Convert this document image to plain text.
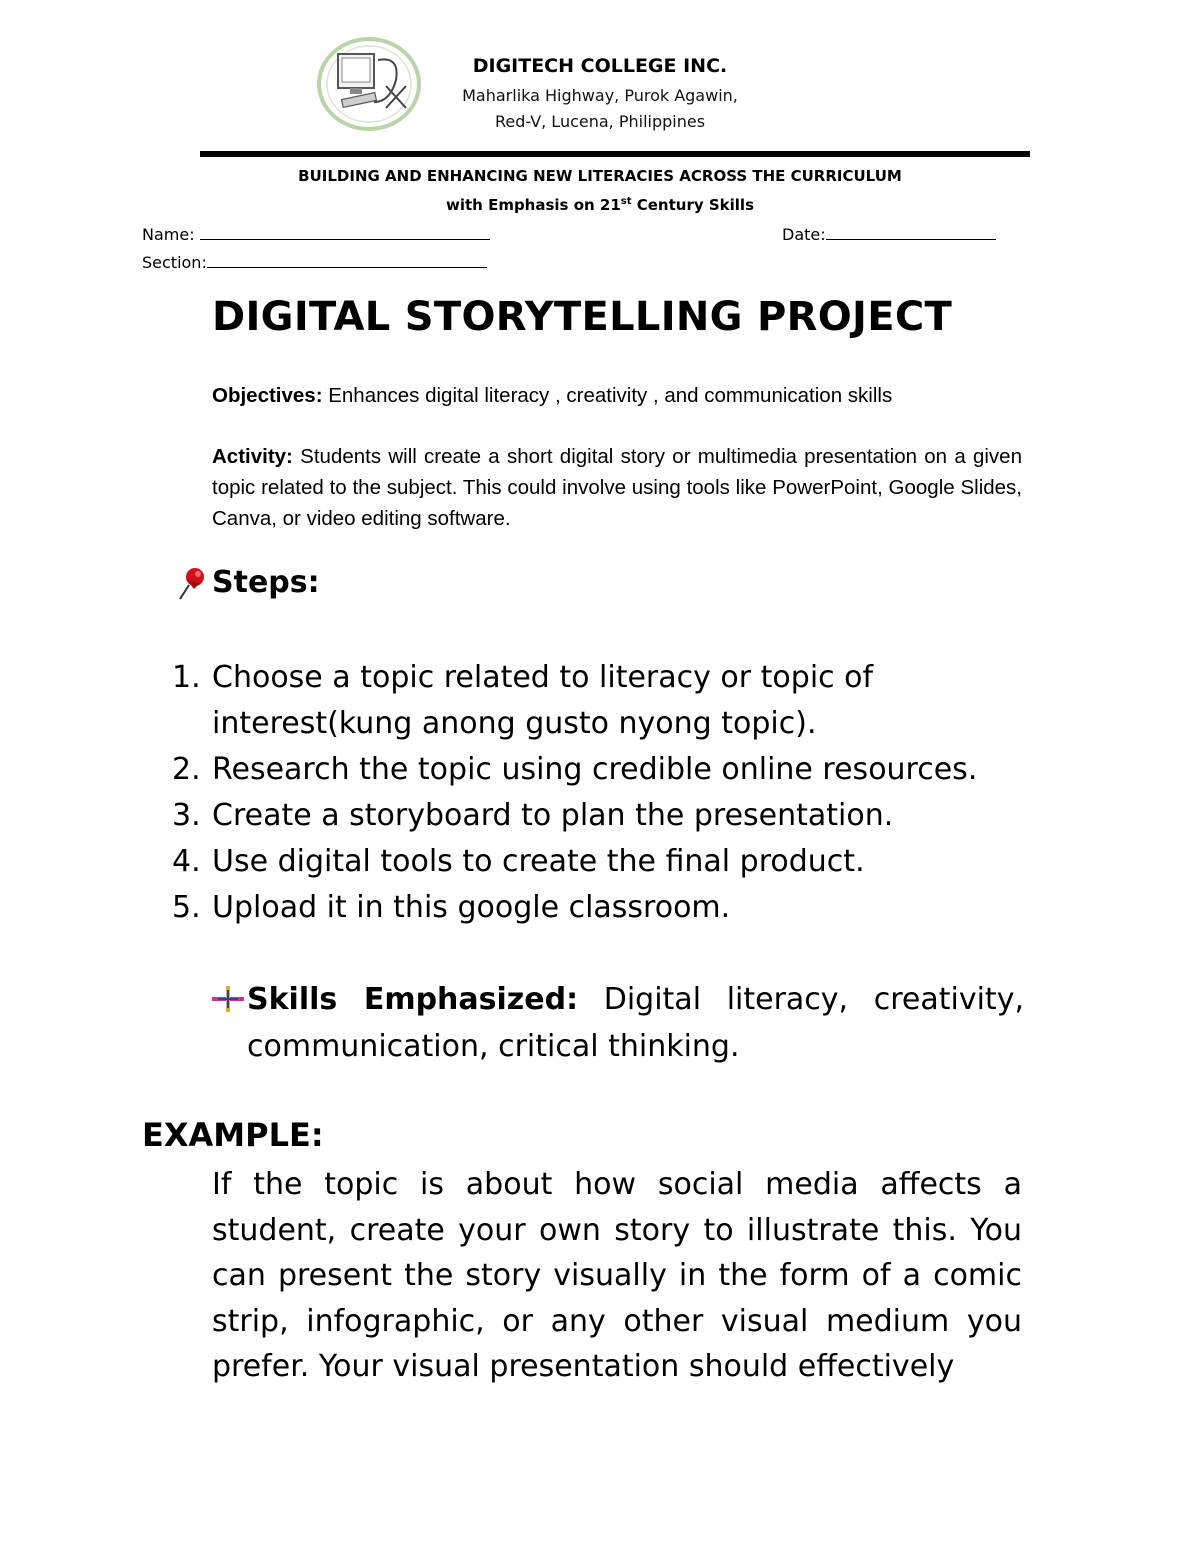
DIGITECH COLLEGE INC.
Maharlika Highway, Purok Agawin,
Red-V, Lucena, Philippines
BUILDING AND ENHANCING NEW LITERACIES ACROSS THE CURRICULUM
with Emphasis on 21st Century Skills
Name:	Date:
Section:
DIGITAL STORYTELLING PROJECT
Objectives: Enhances digital literacy , creativity , and communication skills
Activity: Students will create a short digital story or multimedia presentation on a given topic related to the subject. This could involve using tools like PowerPoint, Google Slides, Canva, or video editing software.
Steps:
1. Choose a topic related to literacy or topic of interest(kung anong gusto nyong topic).
2. Research the topic using credible online resources.
3. Create a storyboard to plan the presentation.
4. Use digital tools to create the final product.
5. Upload it in this google classroom.
Skills Emphasized: Digital literacy, creativity, communication, critical thinking.
EXAMPLE:
If the topic is about how social media affects a student, create your own story to illustrate this. You can present the story visually in the form of a comic strip, infographic, or any other visual medium you prefer. Your visual presentation should effectively
